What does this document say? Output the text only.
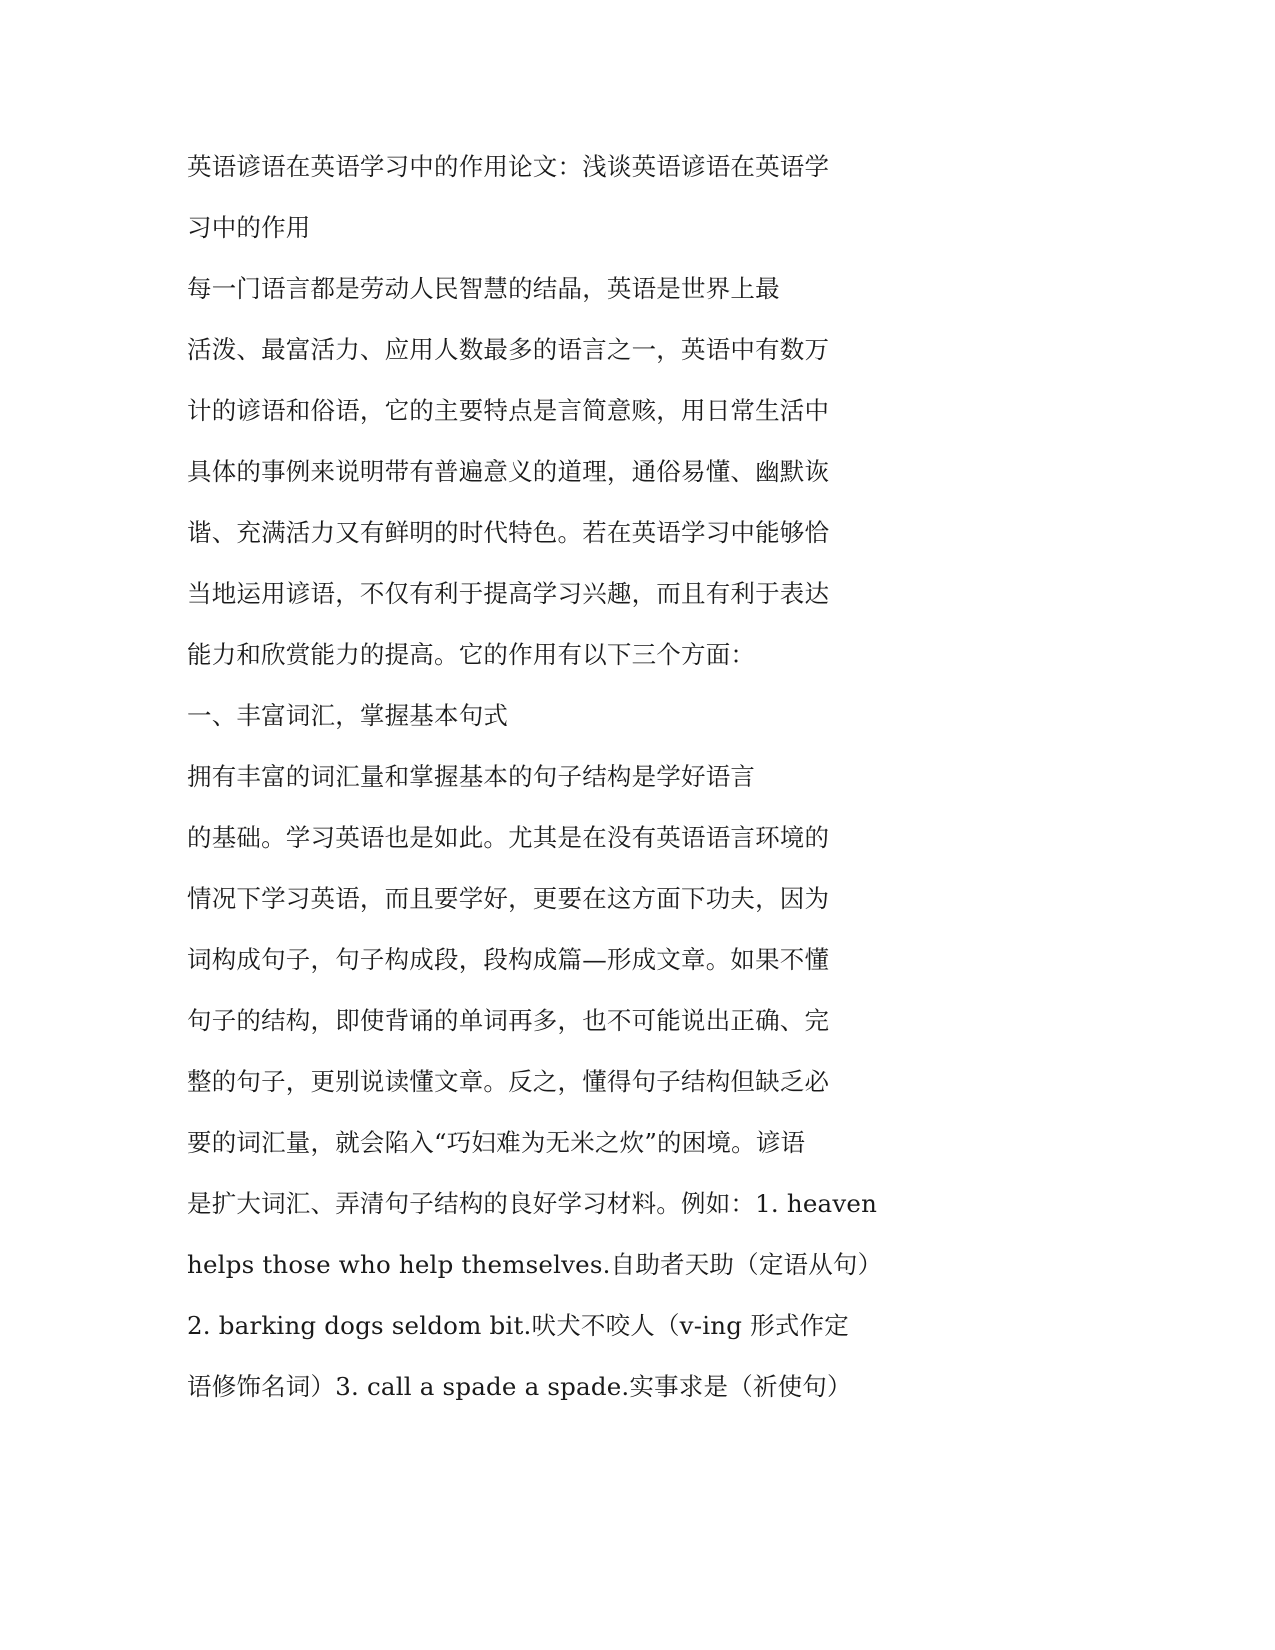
英语谚语在英语学习中的作用论文：浅谈英语谚语在英语学
习中的作用
每一门语言都是劳动人民智慧的结晶，英语是世界上最
活泼、最富活力、应用人数最多的语言之一，英语中有数万
计的谚语和俗语，它的主要特点是言简意赅，用日常生活中
具体的事例来说明带有普遍意义的道理，通俗易懂、幽默诙
谐、充满活力又有鲜明的时代特色。若在英语学习中能够恰
当地运用谚语，不仅有利于提高学习兴趣，而且有利于表达
能力和欣赏能力的提高。它的作用有以下三个方面：
一、丰富词汇，掌握基本句式
拥有丰富的词汇量和掌握基本的句子结构是学好语言
的基础。学习英语也是如此。尤其是在没有英语语言环境的
情况下学习英语，而且要学好，更要在这方面下功夫，因为
词构成句子，句子构成段，段构成篇—形成文章。如果不懂
句子的结构，即使背诵的单词再多，也不可能说出正确、完
整的句子，更别说读懂文章。反之，懂得句子结构但缺乏必
要的词汇量，就会陷入“巧妇难为无米之炊”的困境。谚语
是扩大词汇、弄清句子结构的良好学习材料。例如：1. heaven
helps those who help themselves.自助者天助（定语从句）
2. barking dogs seldom bit.吠犬不咬人（v-ing 形式作定
语修饰名词）3. call a spade a spade.实事求是（祈使句）
